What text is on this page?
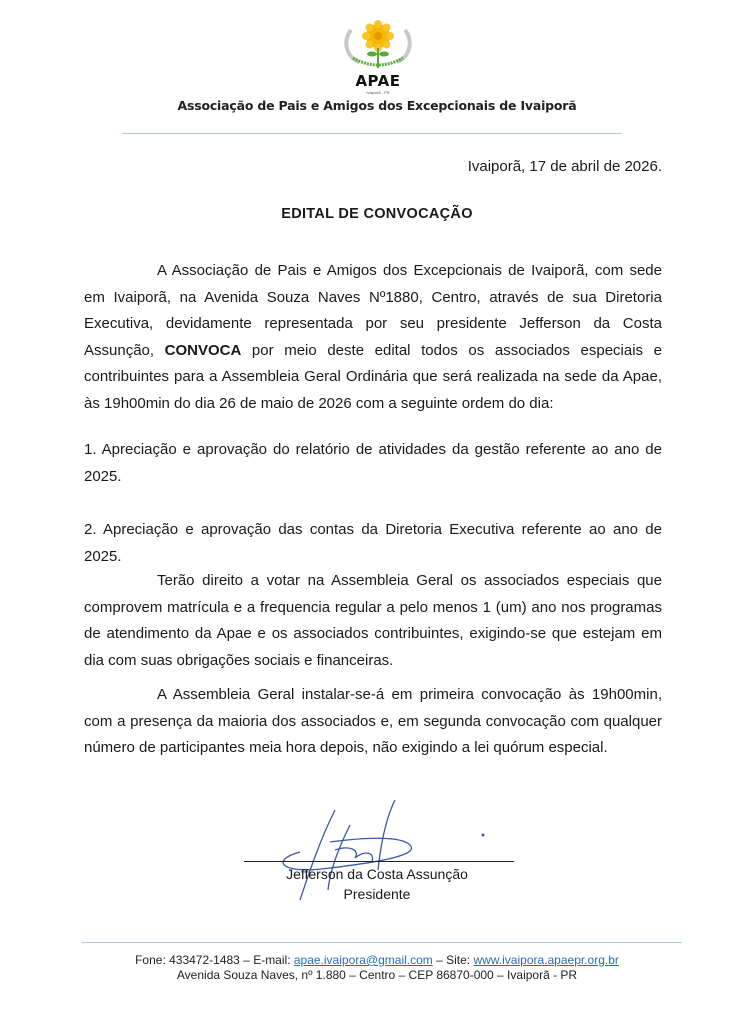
APAE
Ivaiporã - PR
Associação de Pais e Amigos dos Excepcionais de Ivaiporã
Ivaiporã, 17 de abril de 2026.
EDITAL DE CONVOCAÇÃO
A Associação de Pais e Amigos dos Excepcionais de Ivaiporã, com sede em Ivaiporã, na Avenida Souza Naves Nº1880, Centro, através de sua Diretoria Executiva, devidamente representada por seu presidente Jefferson da Costa Assunção, CONVOCA por meio deste edital todos os associados especiais e contribuintes para a Assembleia Geral Ordinária que será realizada na sede da Apae, às 19h00min do dia 26 de maio de 2026 com a seguinte ordem do dia:
1. Apreciação e aprovação do relatório de atividades da gestão referente ao ano de 2025.
2. Apreciação e aprovação das contas da Diretoria Executiva referente ao ano de 2025.
Terão direito a votar na Assembleia Geral os associados especiais que comprovem matrícula e a frequencia regular a pelo menos 1 (um) ano nos programas de atendimento da Apae e os associados contribuintes, exigindo-se que estejam em dia com suas obrigações sociais e financeiras.
A Assembleia Geral instalar-se-á em primeira convocação às 19h00min, com a presença da maioria dos associados e, em segunda convocação com qualquer número de participantes meia hora depois, não exigindo a lei quórum especial.
Jefferson da Costa Assunção
Presidente
Fone: 433472-1483 – E-mail: apae.ivaipora@gmail.com – Site: www.ivaipora.apaepr.org.br
Avenida Souza Naves, nº 1.880 – Centro – CEP 86870-000 – Ivaiporã - PR
